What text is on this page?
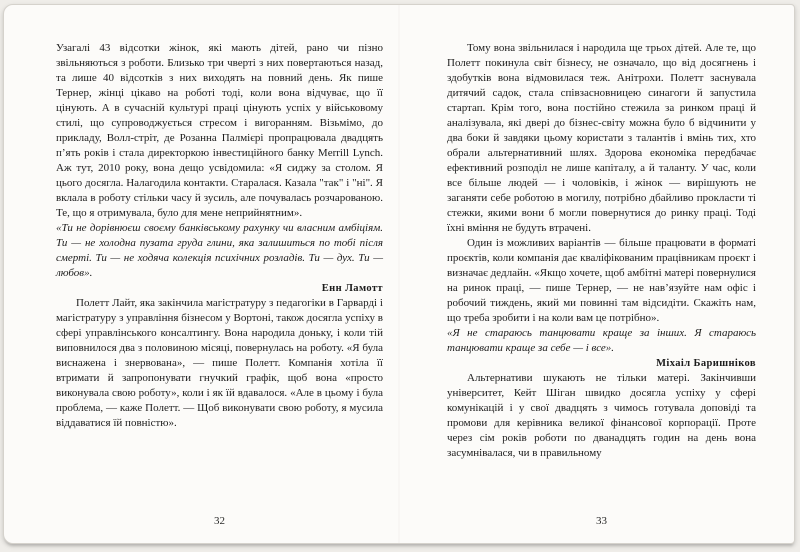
Узагалі 43 відсотки жінок, які мають дітей, рано чи пізно звільняються з роботи. Близько три чверті з них повертаються назад, та лише 40 відсотків з них виходять на повний день. Як пише Тернер, жінці цікаво на роботі тоді, коли вона відчуває, що її цінують. А в сучасній культурі праці цінують успіх у військовому стилі, що супроводжується стресом і вигоранням. Візьмімо, до прикладу, Волл-стріт, де Розанна Палмієрі пропрацювала двадцять п’ять років і стала директоркою інвестиційного банку Merrill Lynch. Аж тут, 2010 року, вона дещо усвідомила: «Я сиджу за столом. Я цього досягла. Налагодила контакти. Старалася. Казала "так" і "ні". Я вклала в роботу стільки часу й зусиль, але почувалась розчарованою. Те, що я отримувала, було для мене неприйнятним».

«Ти не дорівнюєш своєму банківському рахунку чи власним амбіціям. Ти — не холодна пузата груда глини, яка залишиться по тобі після смерті. Ти — не ходяча колекція психічних розладів. Ти — дух. Ти — любов».

Енн Ламотт

Полетт Лайт, яка закінчила магістратуру з педагогіки в Гарварді і магістратуру з управління бізнесом у Вортоні, також досягла успіху в сфері управлінського консалтингу. Вона народила доньку, і коли тій виповнилося два з половиною місяці, повернулась на роботу. «Я була виснажена і знервована», — пише Полетт. Компанія хотіла її втримати й запропонувати гнучкий графік, щоб вона «просто виконувала свою роботу», коли і як їй вдавалося. «Але в цьому і була проблема, — каже Полетт. — Щоб виконувати свою роботу, я мусила віддаватися їй повністю».

32

Тому вона звільнилася і народила ще трьох дітей. Але те, що Полетт покинула світ бізнесу, не означало, що від досягнень і здобутків вона відмовилася теж. Анітрохи. Полетт заснувала дитячий садок, стала співзасновницею синагоги й запустила стартап. Крім того, вона постійно стежила за ринком праці й аналізувала, які двері до бізнес-світу можна було б відчинити у два боки й завдяки цьому користати з талантів і вмінь тих, хто обрали альтернативний шлях. Здорова економіка передбачає ефективний розподіл не лише капіталу, а й таланту. У час, коли все більше людей — і чоловіків, і жінок — вирішують не заганяти себе роботою в могилу, потрібно дбайливо прокласти ті стежки, якими вони б могли повернутися до ринку праці. Тоді їхні вміння не будуть втрачені.

Один із можливих варіантів — більше працювати в форматі проєктів, коли компанія дає кваліфікованим працівникам проєкт і визначає дедлайн. «Якщо хочете, щоб амбітні матері повернулися на ринок праці, — пише Тернер, — не нав’язуйте нам офіс і робочий тиждень, який ми повинні там відсидіти. Скажіть нам, що треба зробити і на коли вам це потрібно».

«Я не стараюсь танцювати краще за інших. Я стараюсь танцювати краще за себе — і все».

Міхаіл Баришніков

Альтернативи шукають не тільки матері. Закінчивши університет, Кейт Шіган швидко досягла успіху у сфері комунікацій і у свої двадцять з чимось готувала доповіді та промови для керівника великої фінансової корпорації. Проте через сім років роботи по дванадцять годин на день вона засумнівалася, чи в правильному

33
